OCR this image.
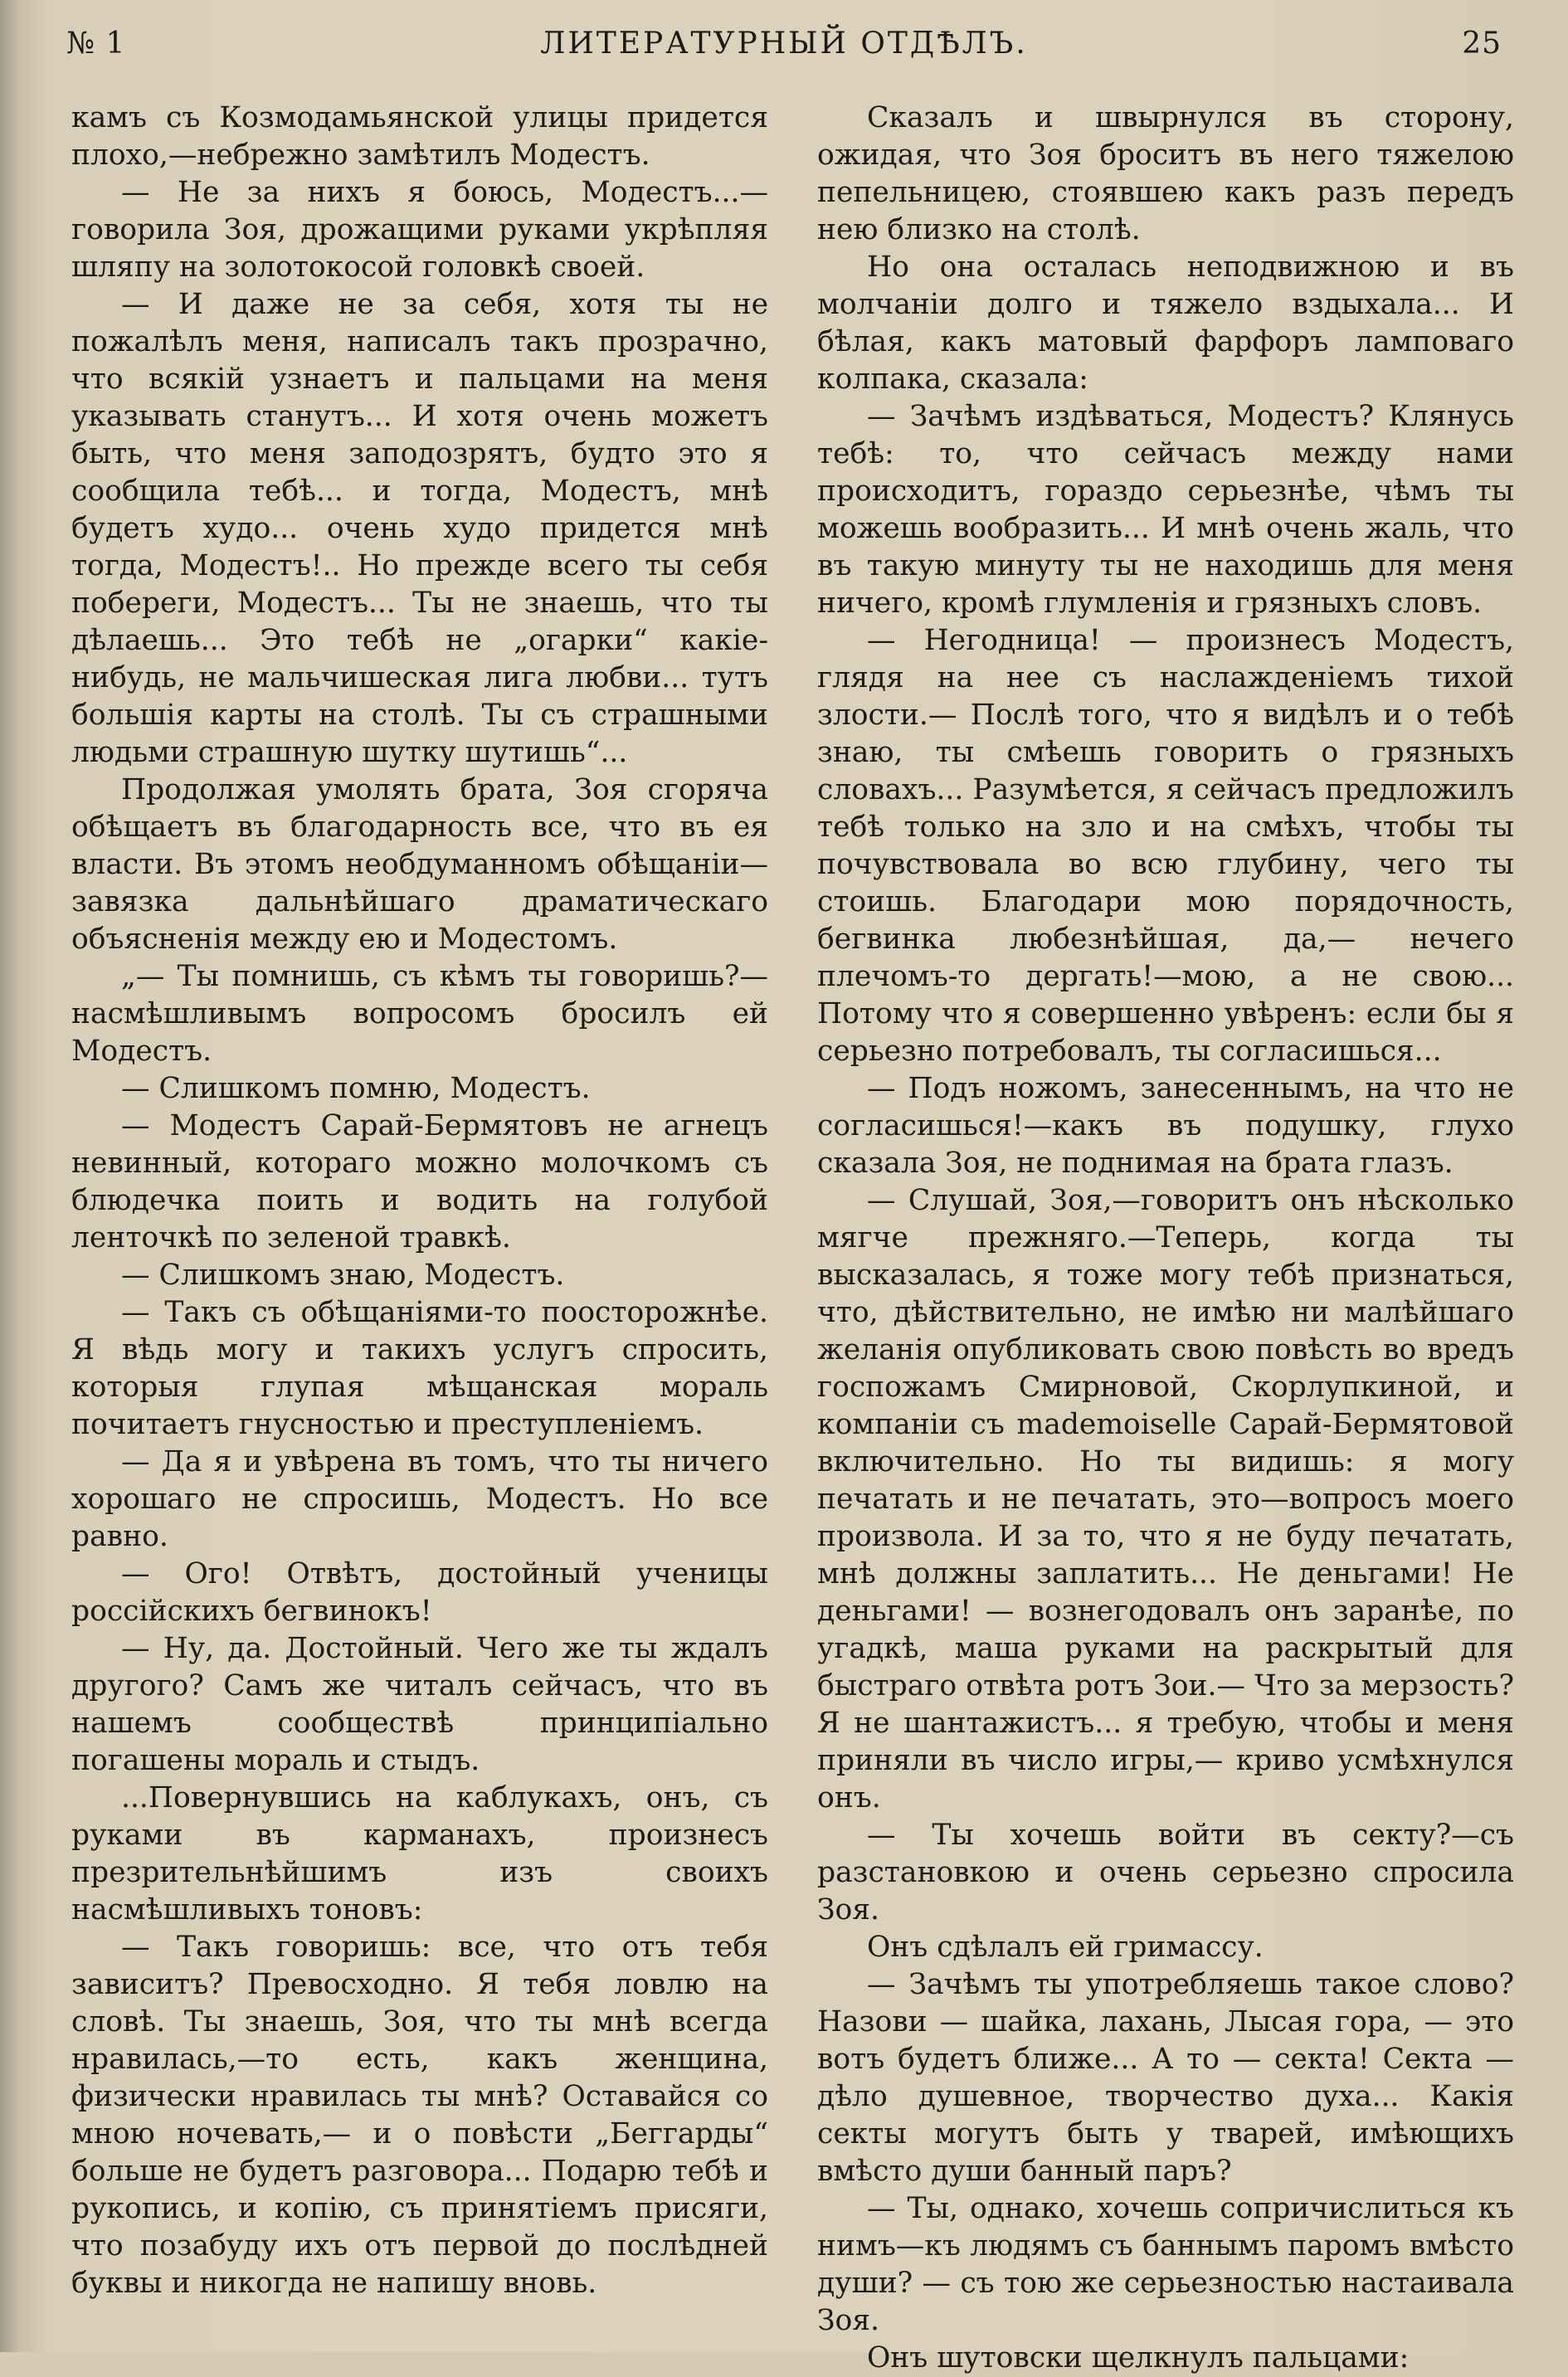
№ 1	ЛИТЕРАТУРНЫЙ ОТДѢЛЪ.	25

камъ съ Козмодамьянской улицы придется плохо,—небрежно замѣтилъ Модестъ.

— Не за нихъ я боюсь, Модестъ...—говорила Зоя, дрожащими руками укрѣпляя шляпу на золотокосой головкѣ своей.

— И даже не за себя, хотя ты не пожалѣлъ меня, написалъ такъ прозрачно, что всякій узнаетъ и пальцами на меня указывать станутъ... И хотя очень можетъ быть, что меня заподозрятъ, будто это я сообщила тебѣ... и тогда, Модестъ, мнѣ будетъ худо... очень худо придется мнѣ тогда, Модестъ!.. Но прежде всего ты себя побереги, Модестъ... Ты не знаешь, что ты дѣлаешь... Это тебѣ не „огарки“ какіе-нибудь, не мальчишеская лига любви... тутъ большія карты на столѣ. Ты съ страшными людьми страшную шутку шутишь“...

Продолжая умолять брата, Зоя сгоряча обѣщаетъ въ благодарность все, что въ ея власти. Въ этомъ необдуманномъ обѣщаніи— завязка дальнѣйшаго драматическаго объясненія между ею и Модестомъ.

„— Ты помнишь, съ кѣмъ ты говоришь?— насмѣшливымъ вопросомъ бросилъ ей Модестъ.

— Слишкомъ помню, Модестъ.

— Модестъ Сарай-Бермятовъ не агнецъ невинный, котораго можно молочкомъ съ блюдечка поить и водить на голубой ленточкѣ по зеленой травкѣ.

— Слишкомъ знаю, Модестъ.

— Такъ съ обѣщаніями-то поосторожнѣе. Я вѣдь могу и такихъ услугъ спросить, которыя глупая мѣщанская мораль почитаетъ гнусностью и преступленіемъ.

— Да я и увѣрена въ томъ, что ты ничего хорошаго не спросишь, Модестъ. Но все равно.

— Ого! Отвѣтъ, достойный ученицы россійскихъ бегвинокъ!

— Ну, да. Достойный. Чего же ты ждалъ другого? Самъ же читалъ сейчасъ, что въ нашемъ сообществѣ принципіально погашены мораль и стыдъ.

...Повернувшись на каблукахъ, онъ, съ руками въ карманахъ, произнесъ презрительнѣйшимъ изъ своихъ насмѣшливыхъ тоновъ:

— Такъ говоришь: все, что отъ тебя зависитъ? Превосходно. Я тебя ловлю на словѣ. Ты знаешь, Зоя, что ты мнѣ всегда нравилась,—то есть, какъ женщина, физически нравилась ты мнѣ? Оставайся со мною ночевать,— и о повѣсти „Беггарды“ больше не будетъ разговора... Подарю тебѣ и рукопись, и копію, съ принятіемъ присяги, что позабуду ихъ отъ первой до послѣдней буквы и никогда не напишу вновь.

Сказалъ и швырнулся въ сторону, ожидая, что Зоя броситъ въ него тяжелою пепельницею, стоявшею какъ разъ передъ нею близко на столѣ.

Но она осталась неподвижною и въ молчаніи долго и тяжело вздыхала... И бѣлая, какъ матовый фарфоръ ламповаго колпака, сказала:

— Зачѣмъ издѣваться, Модестъ? Клянусь тебѣ: то, что сейчасъ между нами происходитъ, гораздо серьезнѣе, чѣмъ ты можешь вообразить... И мнѣ очень жаль, что въ такую минуту ты не находишь для меня ничего, кромѣ глумленія и грязныхъ словъ.

— Негодница! — произнесъ Модестъ, глядя на нее съ наслажденіемъ тихой злости.— Послѣ того, что я видѣлъ и о тебѣ знаю, ты смѣешь говорить о грязныхъ словахъ... Разумѣется, я сейчасъ предложилъ тебѣ только на зло и на смѣхъ, чтобы ты почувствовала во всю глубину, чего ты стоишь. Благодари мою порядочность, бегвинка любезнѣйшая, да,— нечего плечомъ-то дергать!—мою, а не свою... Потому что я совершенно увѣренъ: если бы я серьезно потребовалъ, ты согласишься...

— Подъ ножомъ, занесеннымъ, на что не согласишься!—какъ въ подушку, глухо сказала Зоя, не поднимая на брата глазъ.

— Слушай, Зоя,—говоритъ онъ нѣсколько мягче прежняго.—Теперь, когда ты высказалась, я тоже могу тебѣ признаться, что, дѣйствительно, не имѣю ни малѣйшаго желанія опубликовать свою повѣсть во вредъ госпожамъ Смирновой, Скорлупкиной, и компаніи съ mademoiselle Сарай-Бермятовой включительно. Но ты видишь: я могу печатать и не печатать, это—вопросъ моего произвола. И за то, что я не буду печатать, мнѣ должны заплатить... Не деньгами! Не деньгами! — вознегодовалъ онъ заранѣе, по угадкѣ, маша руками на раскрытый для быстраго отвѣта ротъ Зои.— Что за мерзость? Я не шантажистъ... я требую, чтобы и меня приняли въ число игры,— криво усмѣхнулся онъ.

— Ты хочешь войти въ секту?—съ разстановкою и очень серьезно спросила Зоя.

Онъ сдѣлалъ ей гримассу.

— Зачѣмъ ты употребляешь такое слово? Назови — шайка, лахань, Лысая гора, — это вотъ будетъ ближе... А то — секта! Секта — дѣло душевное, творчество духа... Какія секты могутъ быть у тварей, имѣющихъ вмѣсто души банный паръ?

— Ты, однако, хочешь сопричислиться къ нимъ—къ людямъ съ баннымъ паромъ вмѣсто души? — съ тою же серьезностью настаивала Зоя.

Онъ шутовски щелкнулъ пальцами:
